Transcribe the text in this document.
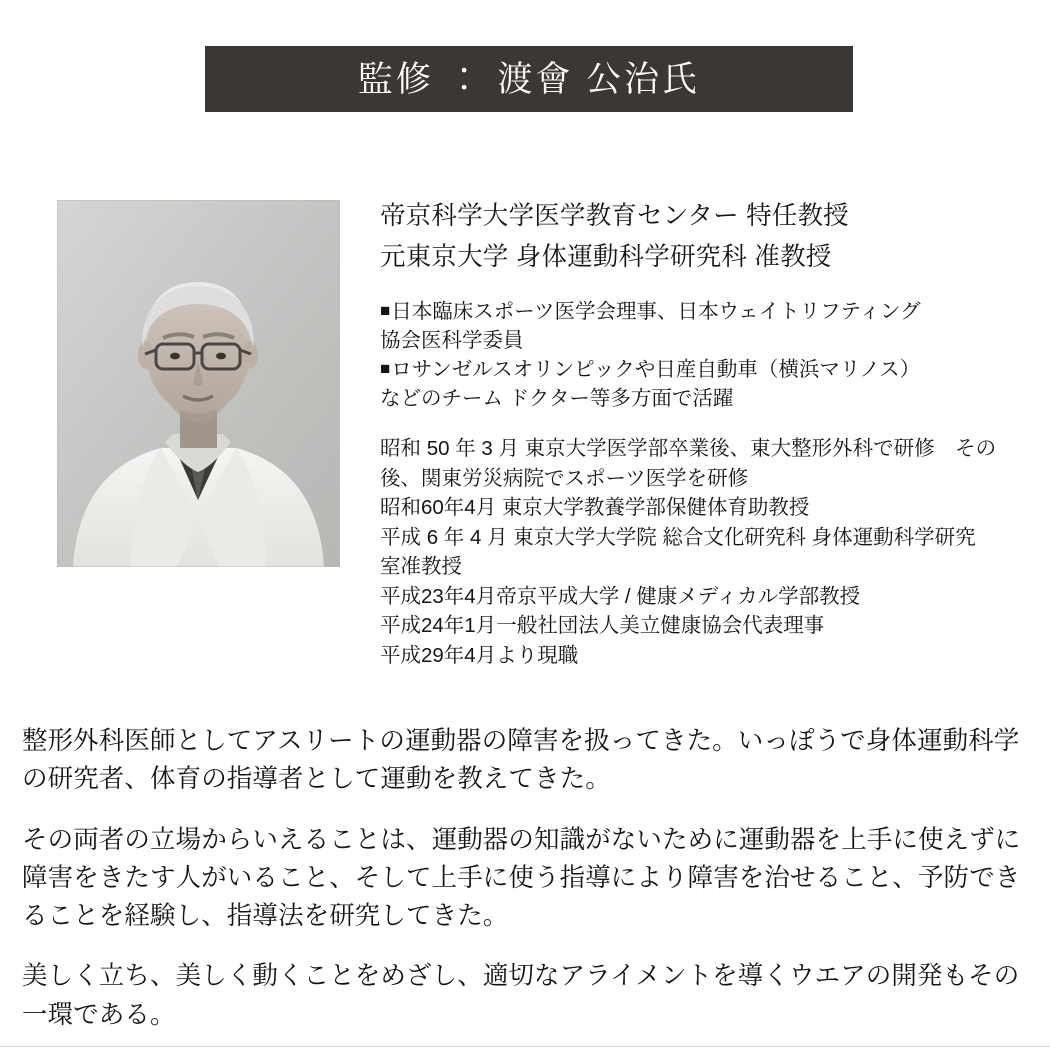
監修 ： 渡會 公治氏
帝京科学大学医学教育センター 特任教授
元東京大学 身体運動科学研究科 准教授
■ 日本臨床スポーツ医学会理事、日本ウェイトリフティング
協会医科学委員
■ ロサンゼルスオリンピックや日産自動車（横浜マリノス）
などのチーム ドクター等多方面で活躍
昭和 50 年 3 月 東京大学医学部卒業後、東大整形外科で研修　その
後、関東労災病院でスポーツ医学を研修
昭和60年4月 東京大学教養学部保健体育助教授
平成 6 年 4 月 東京大学大学院 総合文化研究科 身体運動科学研究
室准教授
平成23年4月帝京平成大学 / 健康メディカル学部教授
平成24年1月一般社団法人美立健康協会代表理事
平成29年4月より現職

整形外科医師としてアスリートの運動器の障害を扱ってきた。いっぽうで身体運動科学の研究者、体育の指導者として運動を教えてきた。

その両者の立場からいえることは、運動器の知識がないために運動器を上手に使えずに障害をきたす人がいること、そして上手に使う指導により障害を治せること、予防できることを経験し、指導法を研究してきた。

美しく立ち、美しく動くことをめざし、適切なアライメントを導くウエアの開発もその一環である。
